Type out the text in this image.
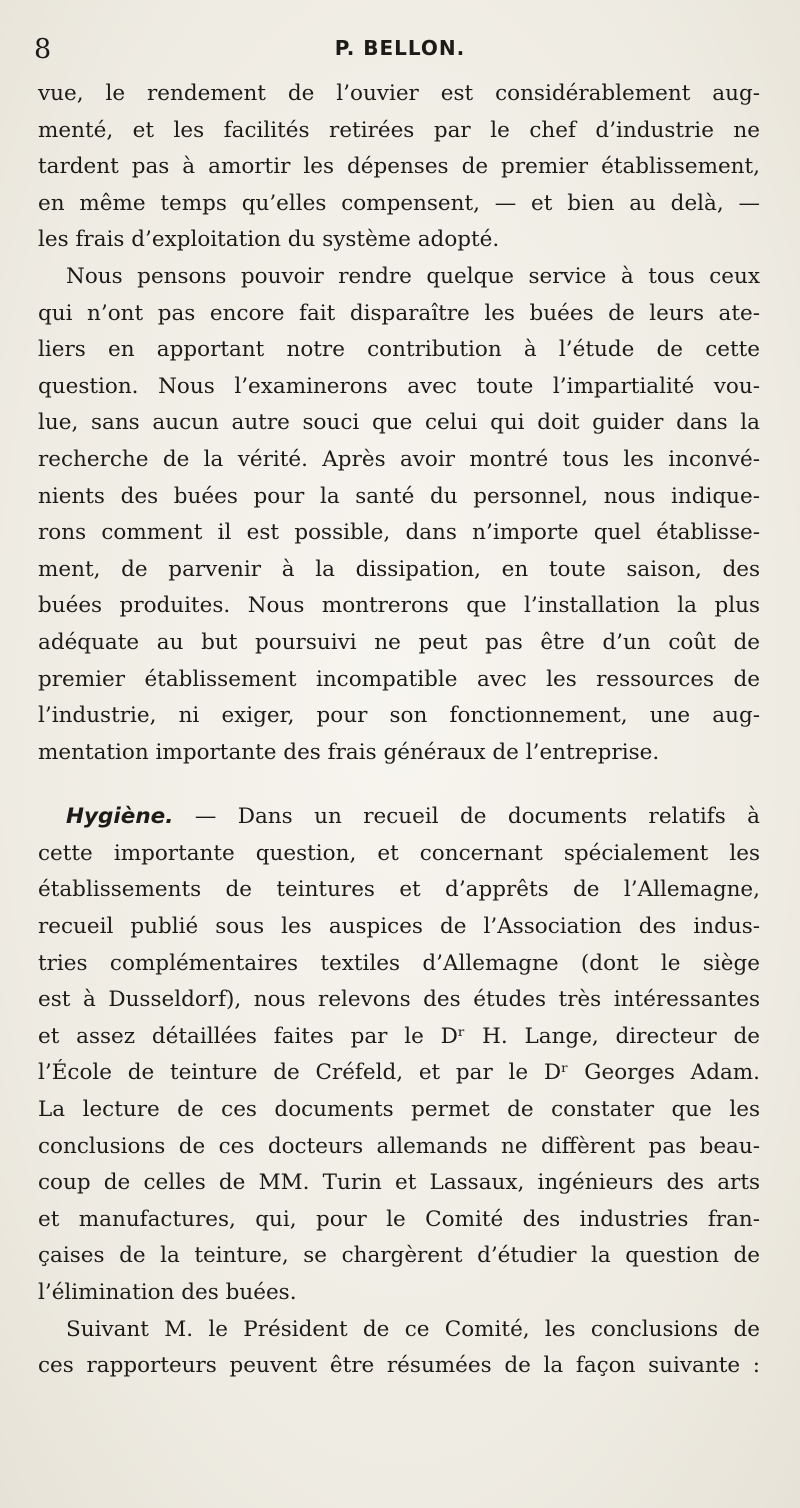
8	P. BELLON.

vue, le rendement de l’ouvier est considérablement aug-
menté, et les facilités retirées par le chef d’industrie ne
tardent pas à amortir les dépenses de premier établissement,
en même temps qu’elles compensent, — et bien au delà, —
les frais d’exploitation du système adopté.

Nous pensons pouvoir rendre quelque service à tous ceux
qui n’ont pas encore fait disparaître les buées de leurs ate-
liers en apportant notre contribution à l’étude de cette
question. Nous l’examinerons avec toute l’impartialité vou-
lue, sans aucun autre souci que celui qui doit guider dans la
recherche de la vérité. Après avoir montré tous les inconvé-
nients des buées pour la santé du personnel, nous indique-
rons comment il est possible, dans n’importe quel établisse-
ment, de parvenir à la dissipation, en toute saison, des
buées produites. Nous montrerons que l’installation la plus
adéquate au but poursuivi ne peut pas être d’un coût de
premier établissement incompatible avec les ressources de
l’industrie, ni exiger, pour son fonctionnement, une aug-
mentation importante des frais généraux de l’entreprise.

Hygiène. — Dans un recueil de documents relatifs à
cette importante question, et concernant spécialement les
établissements de teintures et d’apprêts de l’Allemagne,
recueil publié sous les auspices de l’Association des indus-
tries complémentaires textiles d’Allemagne (dont le siège
est à Dusseldorf), nous relevons des études très intéressantes
et assez détaillées faites par le Dʳ H. Lange, directeur de
l’École de teinture de Créfeld, et par le Dʳ Georges Adam.
La lecture de ces documents permet de constater que les
conclusions de ces docteurs allemands ne diffèrent pas beau-
coup de celles de MM. Turin et Lassaux, ingénieurs des arts
et manufactures, qui, pour le Comité des industries fran-
çaises de la teinture, se chargèrent d’étudier la question de
l’élimination des buées.

Suivant M. le Président de ce Comité, les conclusions de
ces rapporteurs peuvent être résumées de la façon suivante :
